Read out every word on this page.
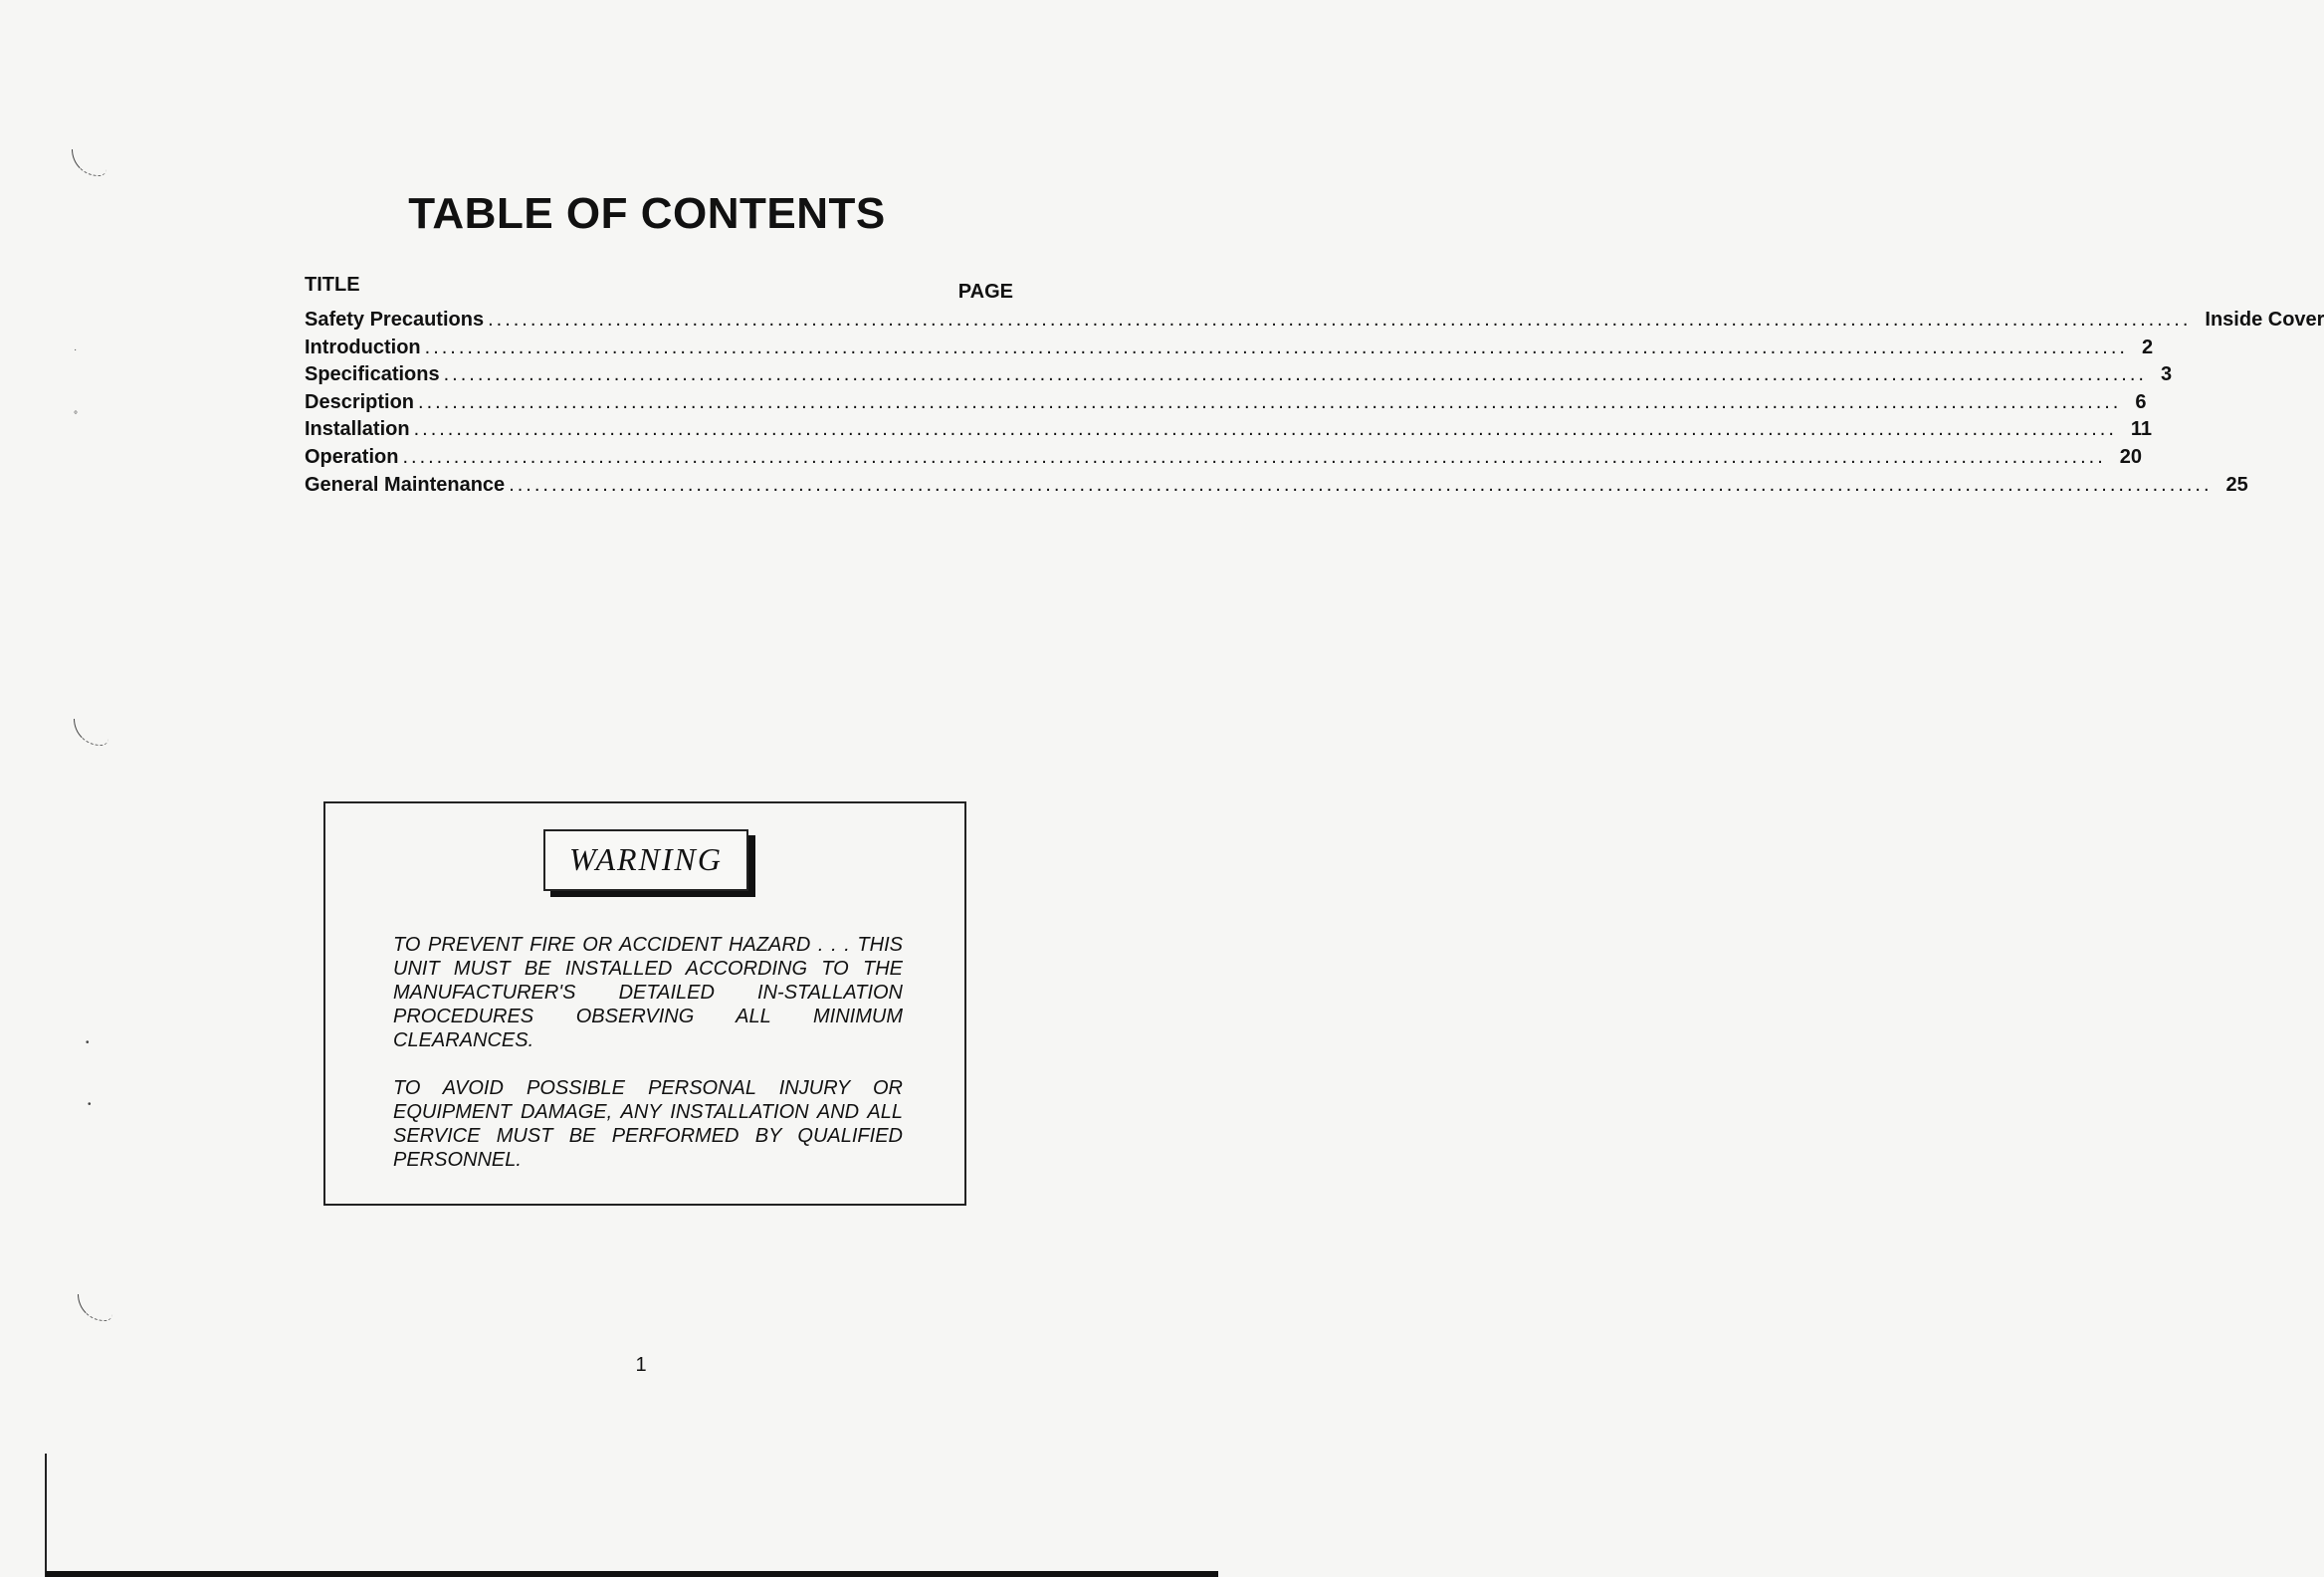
·
°
•
•
TABLE OF CONTENTS
TITLE	PAGE
Safety Precautions ........................................................................................................................................................................................................ Inside Cover
Introduction ........................................................................................................................................................................................................ 2
Specifications ........................................................................................................................................................................................................ 3
Description ........................................................................................................................................................................................................ 6
Installation ........................................................................................................................................................................................................ 11
Operation ........................................................................................................................................................................................................ 20
General Maintenance ........................................................................................................................................................................................................ 25
WARNING
TO PREVENT FIRE OR ACCIDENT HAZARD . . . THIS UNIT MUST BE INSTALLED ACCORDING TO THE MANUFACTURER'S DETAILED IN-STALLATION PROCEDURES OBSERVING ALL MINIMUM CLEARANCES.
TO AVOID POSSIBLE PERSONAL INJURY OR EQUIPMENT DAMAGE, ANY INSTALLATION AND ALL SERVICE MUST BE PERFORMED BY QUALIFIED PERSONNEL.
1
